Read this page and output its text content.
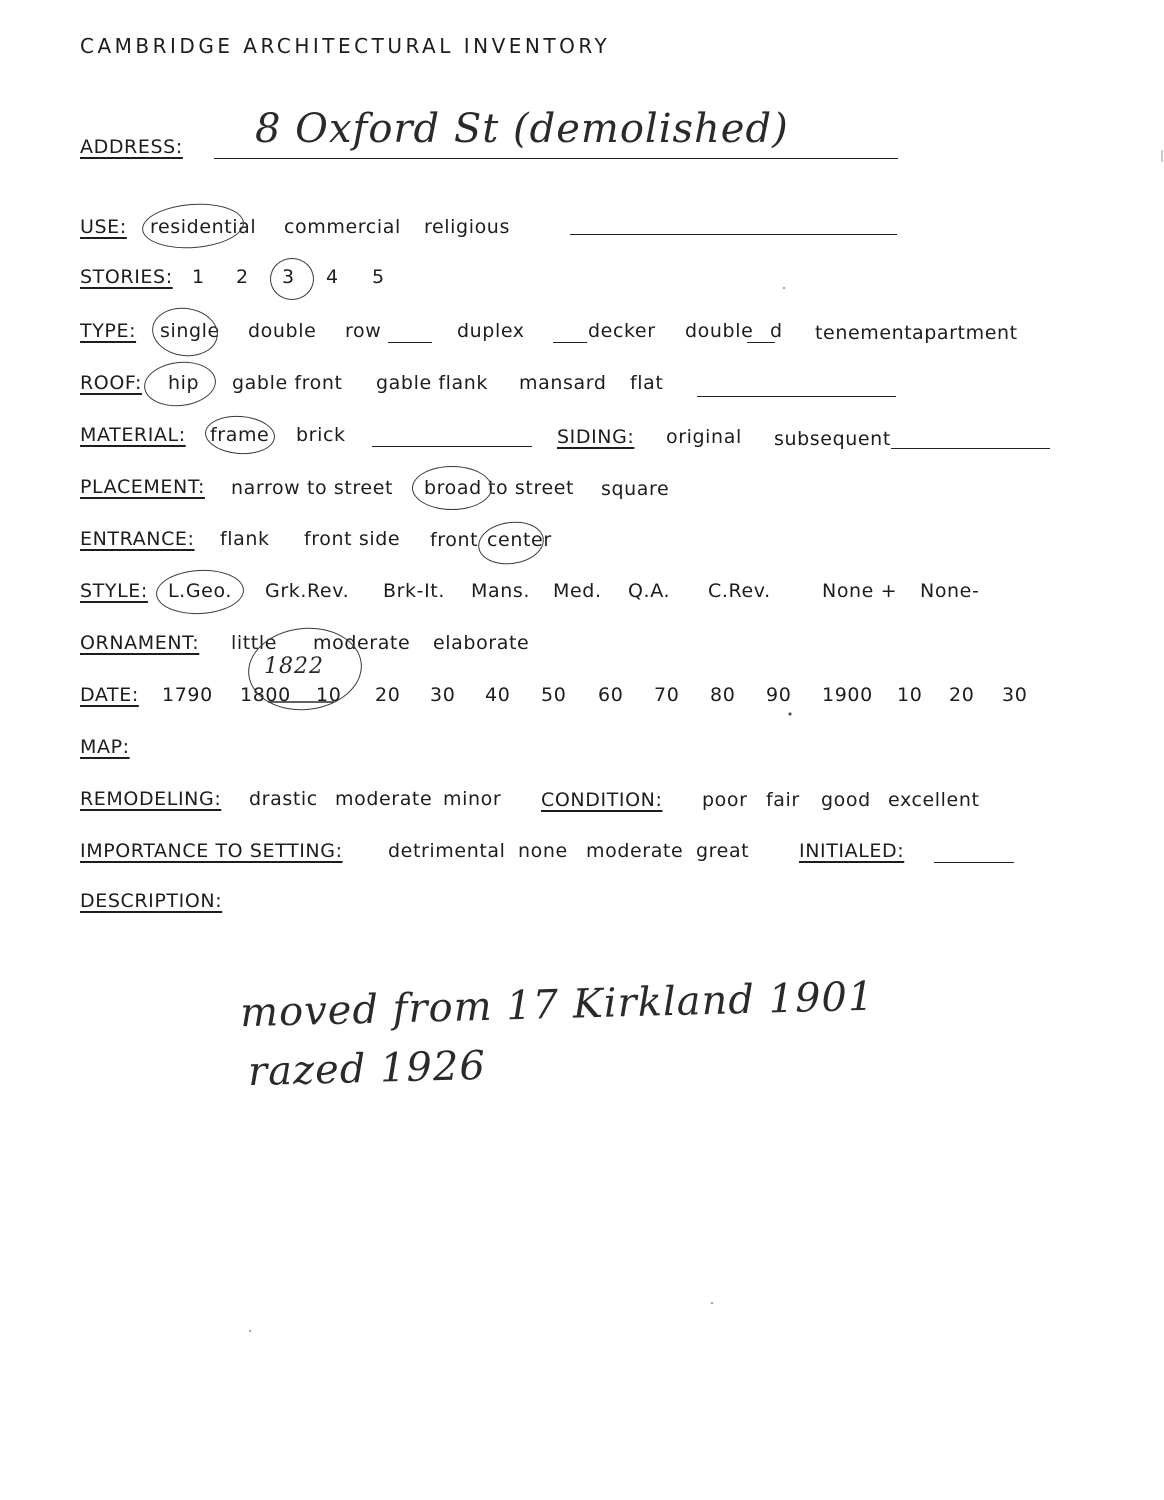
CAMBRIDGE ARCHITECTURAL INVENTORY
ADDRESS: 8 Oxford St (demolished)
USE: residential commercial religious
STORIES: 1 2 3 4 5
TYPE: single double row	duplex	decker double d tenement apartment
ROOF: hip gable front gable flank mansard flat
MATERIAL: frame brick	SIDING: original subsequent
PLACEMENT: narrow to street broad to street square
ENTRANCE: flank front side front center
STYLE: L.Geo. Grk.Rev. Brk-It. Mans. Med. Q.A. C.Rev.	None + None-
ORNAMENT: little moderate elaborate
DATE: 1790 1800 10 20 30 40 50 60 70 80 90 1900 10 20 30
1822
MAP:
REMODELING: drastic moderate minor CONDITION: poor fair good excellent
IMPORTANCE TO SETTING: detrimental none moderate great	INITIALED:
DESCRIPTION:
moved from 17 Kirkland 1901
razed 1926
